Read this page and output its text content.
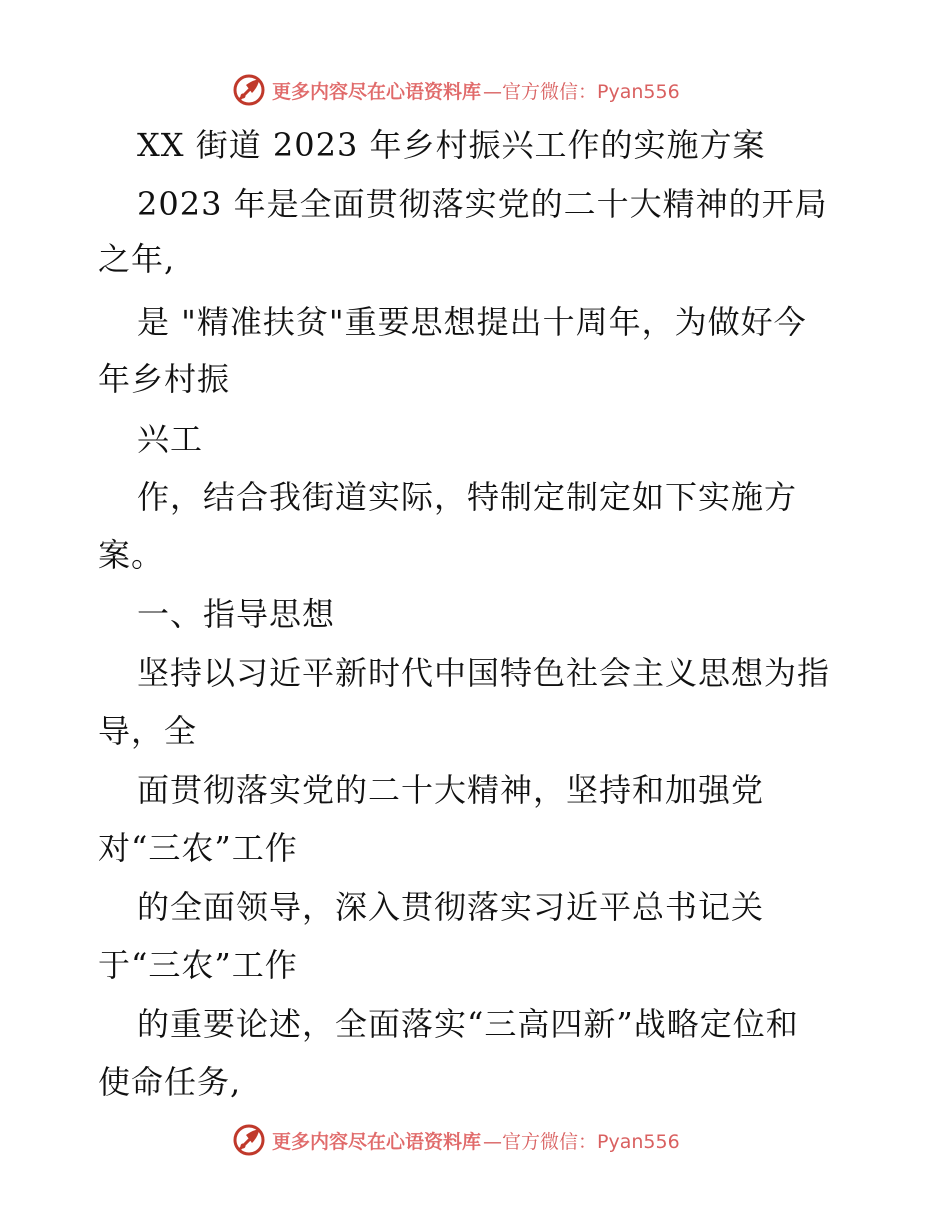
更多内容尽在心语资料库 —官方微信：Pyan556
XX 街道 2023 年乡村振兴工作的实施方案
2023 年是全面贯彻落实党的二十大精神的开局
之年,
是 "精准扶贫"重要思想提出十周年，为做好今
年乡村振
兴工
作，结合我街道实际，特制定制定如下实施方
案。
一、指导思想
坚持以习近平新时代中国特色社会主义思想为指
导，全
面贯彻落实党的二十大精神，坚持和加强党
对“三农”工作
的全面领导，深入贯彻落实习近平总书记关
于“三农”工作
的重要论述，全面落实“三高四新”战略定位和
使命任务,
更多内容尽在心语资料库 —官方微信：Pyan556
